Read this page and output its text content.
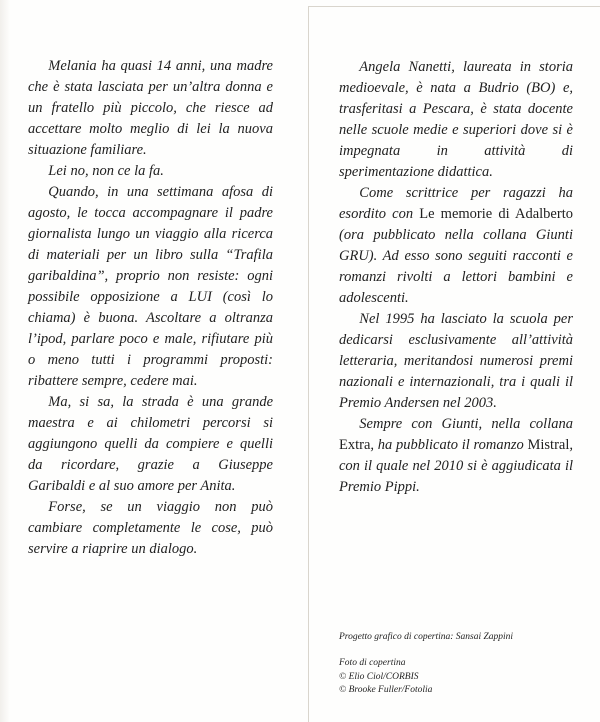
Melania ha quasi 14 anni, una madre che è stata lasciata per un’altra donna e un fratello più piccolo, che riesce ad accettare molto meglio di lei la nuova situazione familiare.

Lei no, non ce la fa.

Quando, in una settimana afosa di agosto, le tocca accompagnare il padre giornalista lungo un viaggio alla ricerca di materiali per un libro sulla “Trafila garibaldina”, proprio non resiste: ogni possibile opposizione a LUI (così lo chiama) è buona. Ascoltare a oltranza l’ipod, parlare poco e male, rifiutare più o meno tutti i programmi proposti: ribattere sempre, cedere mai.

Ma, si sa, la strada è una grande maestra e ai chilometri percorsi si aggiungono quelli da compiere e quelli da ricordare, grazie a Giuseppe Garibaldi e al suo amore per Anita.

Forse, se un viaggio non può cambiare completamente le cose, può servire a riaprire un dialogo.

Angela Nanetti, laureata in storia medioevale, è nata a Budrio (BO) e, trasferitasi a Pescara, è stata docente nelle scuole medie e superiori dove si è impegnata in attività di sperimentazione didattica.

Come scrittrice per ragazzi ha esordito con Le memorie di Adalberto (ora pubblicato nella collana Giunti GRU). Ad esso sono seguiti racconti e romanzi rivolti a lettori bambini e adolescenti.

Nel 1995 ha lasciato la scuola per dedicarsi esclusivamente all’attività letteraria, meritandosi numerosi premi nazionali e internazionali, tra i quali il Premio Andersen nel 2003.

Sempre con Giunti, nella collana Extra, ha pubblicato il romanzo Mistral, con il quale nel 2010 si è aggiudicata il Premio Pippi.

Progetto grafico di copertina: Sansai Zappini

Foto di copertina

© Elio Ciol/CORBIS

© Brooke Fuller/Fotolia
